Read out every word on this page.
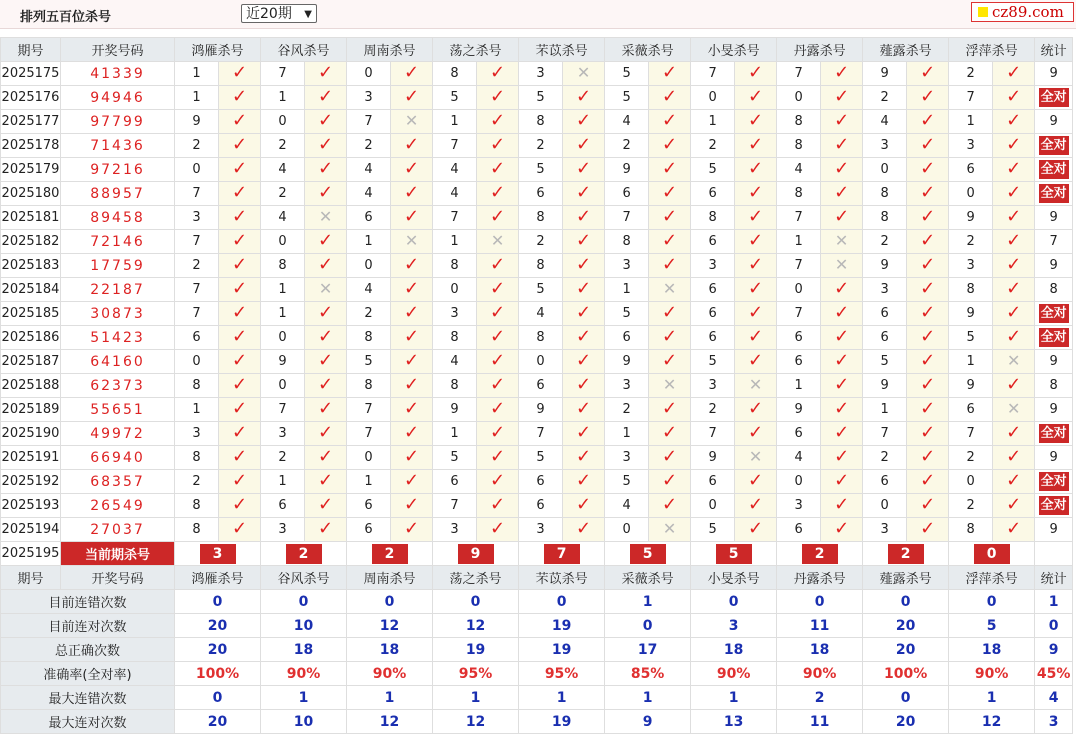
排列五百位杀号	近20期 ▼	cz89.com
期号	开奖号码	鸿雁杀号		谷风杀号		周南杀号		荡之杀号		芣苡杀号		采薇杀号		小旻杀号		丹露杀号		薤露杀号		浮萍杀号		统计
2025175	41339	1	✓	7	✓	0	✓	8	✓	3	✕	5	✓	7	✓	7	✓	9	✓	2	✓	9
2025176	94946	1	✓	1	✓	3	✓	5	✓	5	✓	5	✓	0	✓	0	✓	2	✓	7	✓	全对
2025177	97799	9	✓	0	✓	7	✕	1	✓	8	✓	4	✓	1	✓	8	✓	4	✓	1	✓	9
2025178	71436	2	✓	2	✓	2	✓	7	✓	2	✓	2	✓	2	✓	8	✓	3	✓	3	✓	全对
2025179	97216	0	✓	4	✓	4	✓	4	✓	5	✓	9	✓	5	✓	4	✓	0	✓	6	✓	全对
2025180	88957	7	✓	2	✓	4	✓	4	✓	6	✓	6	✓	6	✓	8	✓	8	✓	0	✓	全对
2025181	89458	3	✓	4	✕	6	✓	7	✓	8	✓	7	✓	8	✓	7	✓	8	✓	9	✓	9
2025182	72146	7	✓	0	✓	1	✕	1	✕	2	✓	8	✓	6	✓	1	✕	2	✓	2	✓	7
2025183	17759	2	✓	8	✓	0	✓	8	✓	8	✓	3	✓	3	✓	7	✕	9	✓	3	✓	9
2025184	22187	7	✓	1	✕	4	✓	0	✓	5	✓	1	✕	6	✓	0	✓	3	✓	8	✓	8
2025185	30873	7	✓	1	✓	2	✓	3	✓	4	✓	5	✓	6	✓	7	✓	6	✓	9	✓	全对
2025186	51423	6	✓	0	✓	8	✓	8	✓	8	✓	6	✓	6	✓	6	✓	6	✓	5	✓	全对
2025187	64160	0	✓	9	✓	5	✓	4	✓	0	✓	9	✓	5	✓	6	✓	5	✓	1	✕	9
2025188	62373	8	✓	0	✓	8	✓	8	✓	6	✓	3	✕	3	✕	1	✓	9	✓	9	✓	8
2025189	55651	1	✓	7	✓	7	✓	9	✓	9	✓	2	✓	2	✓	9	✓	1	✓	6	✕	9
2025190	49972	3	✓	3	✓	7	✓	1	✓	7	✓	1	✓	7	✓	6	✓	7	✓	7	✓	全对
2025191	66940	8	✓	2	✓	0	✓	5	✓	5	✓	3	✓	9	✕	4	✓	2	✓	2	✓	9
2025192	68357	2	✓	1	✓	1	✓	6	✓	6	✓	5	✓	6	✓	0	✓	6	✓	0	✓	全对
2025193	26549	8	✓	6	✓	6	✓	7	✓	6	✓	4	✓	0	✓	3	✓	0	✓	2	✓	全对
2025194	27037	8	✓	3	✓	6	✓	3	✓	3	✓	0	✕	5	✓	6	✓	3	✓	8	✓	9
2025195	当前期杀号	3		2		2		9		7		5		5		2		2		0		
期号	开奖号码	鸿雁杀号		谷风杀号		周南杀号		荡之杀号		芣苡杀号		采薇杀号		小旻杀号		丹露杀号		薤露杀号		浮萍杀号		统计
目前连错次数		0		0		0		0		0		1		0		0		0		0		1
目前连对次数		20		10		12		12		19		0		3		11		20		5		0
总正确次数		20		18		18		19		19		17		18		18		20		18		9
准确率(全对率)		100%		90%		90%		95%		95%		85%		90%		90%		100%		90%		45%
最大连错次数		0		1		1		1		1		1		1		2		0		1		4
最大连对次数		20		10		12		12		19		9		13		11		20		12		3
